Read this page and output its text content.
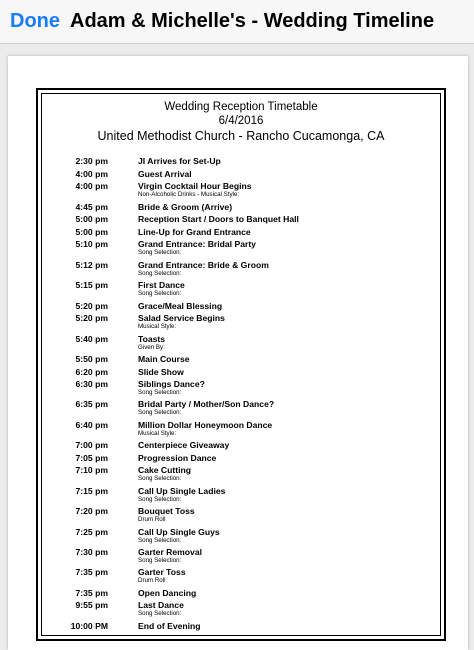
Done Adam & Michelle's - Wedding Timeline
Wedding Reception Timetable
6/4/2016
United Methodist Church - Rancho Cucamonga, CA
2:30 pm	JI Arrives for Set-Up
4:00 pm	Guest Arrival
4:00 pm	Virgin Cocktail Hour Begins
Non-Alcoholic Drinks - Musical Style:
4:45 pm	Bride & Groom (Arrive)
5:00 pm	Reception Start / Doors to Banquet Hall
5:00 pm	Line-Up for Grand Entrance
5:10 pm	Grand Entrance: Bridal Party
Song Selection:
5:12 pm	Grand Entrance: Bride & Groom
Song Selection:
5:15 pm	First Dance
Song Selection:
5:20 pm	Grace/Meal Blessing
5:20 pm	Salad Service Begins
Musical Style:
5:40 pm	Toasts
Given By:
5:50 pm	Main Course
6:20 pm	Slide Show
6:30 pm	Siblings Dance?
Song Selection:
6:35 pm	Bridal Party / Mother/Son Dance?
Song Selection:
6:40 pm	Million Dollar Honeymoon Dance
Musical Style:
7:00 pm	Centerpiece Giveaway
7:05 pm	Progression Dance
7:10 pm	Cake Cutting
Song Selection:
7:15 pm	Call Up Single Ladies
Song Selection:
7:20 pm	Bouquet Toss
Drum Roll
7:25 pm	Call Up Single Guys
Song Selection:
7:30 pm	Garter Removal
Song Selection:
7:35 pm	Garter Toss
Drum Roll
7:35 pm	Open Dancing
9:55 pm	Last Dance
Song Selection:
10:00 PM	End of Evening
